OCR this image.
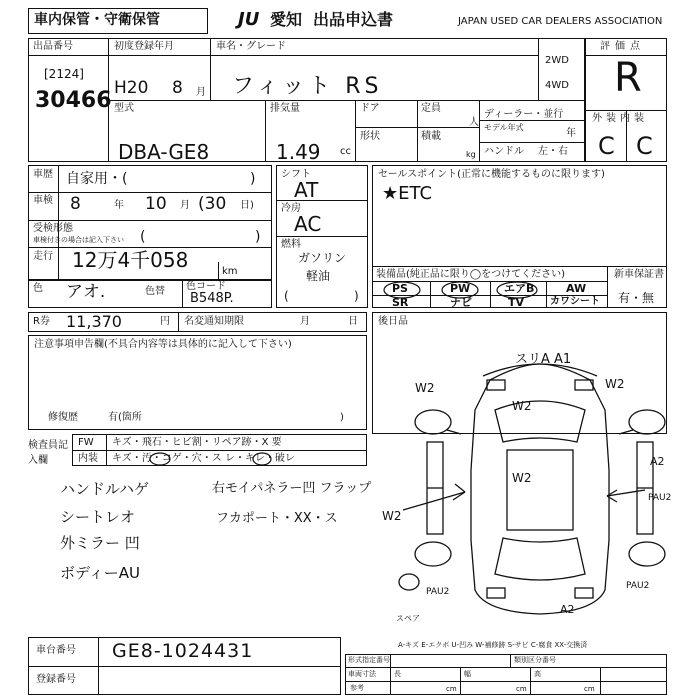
車内保管・守衛保管	JU 愛知 出品申込書	JAPAN USED CAR DEALERS ASSOCIATION
出品番号
[2124]
30466
初度登録年月
H20 8 月
車名・グレード
フィット RS
2WD
4WD
型式
DBA-GE8
排気量
1.49 cc
ドア
形状
定員
人
積載
kg
ディーラー・並行
モデル年式
年
ハンドル 左・右
評価点
R
外装内装
C C
車歴 自家用・(	)
車検 8	年 10 月 (30 日)
受検形態
車検付きの場合は記入下さい (	)
走行 12万4千058	km
色 アオ.	色替 色コード
B548P.
シフト
AT
冷房
AC
燃料
ガソリン
軽油
(	)
セールスポイント(正常に機能するものに限ります)
★ETC
装備品(純正品に限り◯をつけてください)	新車保証書
有・無
PS	PW	エアB	AW
SR	ナビ	TV	カワシート
R券 11,370	円 名変通知期限	月	日 後日品
注意事項申告欄(不具合内容等は具体的に記入して下さい)
修復歴	有(箇所	)
検査員記入欄
FW キズ・飛石・ヒビ割・リペア跡・X 要
内装 キズ・汚・コゲ・穴・ス レ・キレ・破レ
ハンドルハゲ
シートレオ
外ミラー 凹
ボディーAU
右モイパネラー凹 フラップ
フカポート・XX・ス
スリA A1
W2
W2
W2
W2
A2
PAU2
W2
PAU2
PAU2
A2
スペア
A-キズ E-エクボ U-凹み W-補修跡 S-サビ C-腐食 XX-交換済
車台番号 GE8-1024431
登録番号
形式指定番号	類別区分番号
車両寸法	長	幅	高
参考	cm	cm	cm
